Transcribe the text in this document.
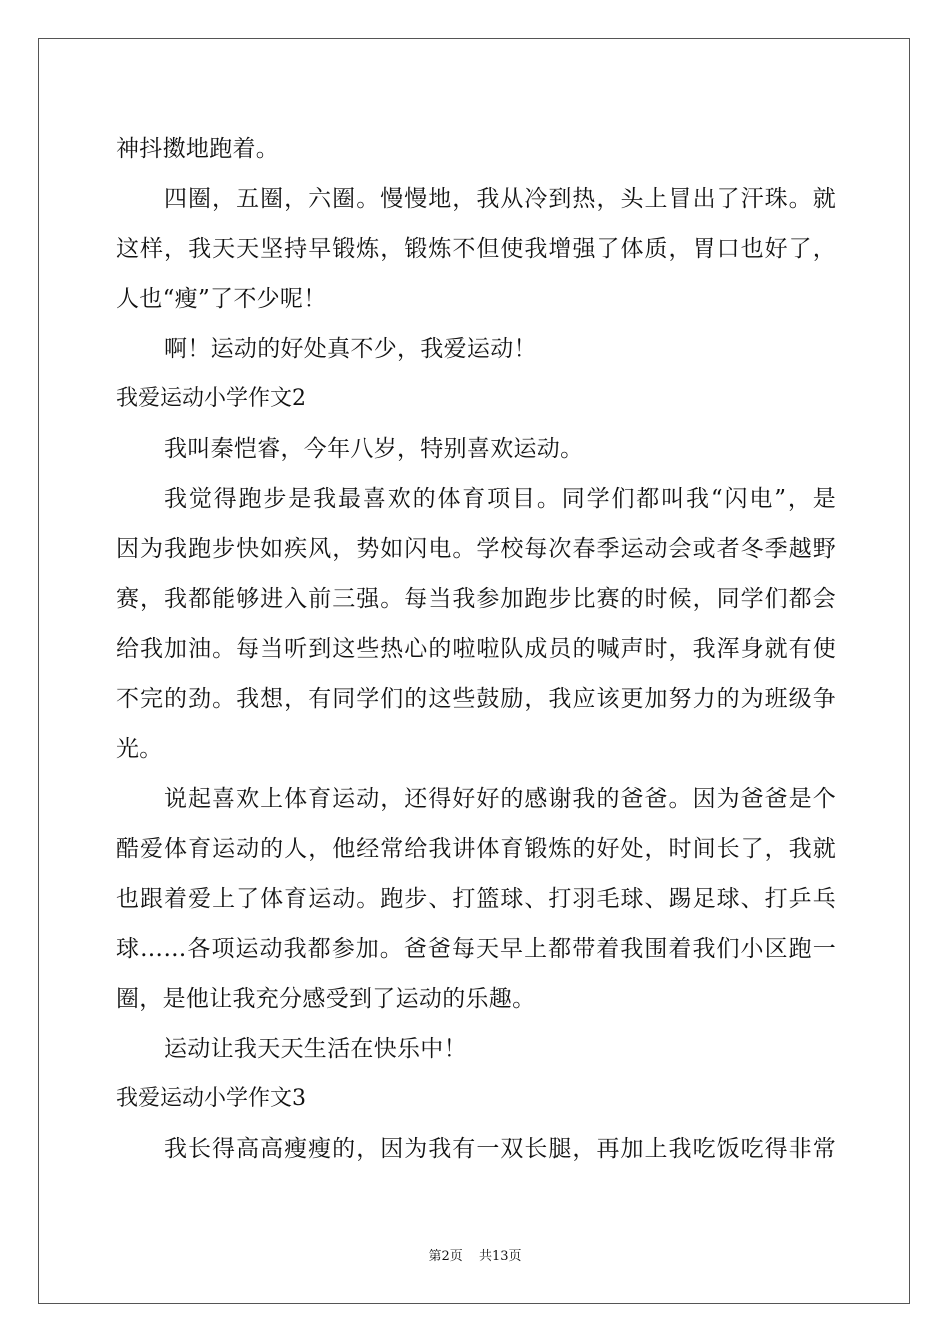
神抖擞地跑着。
四圈，五圈，六圈。慢慢地，我从冷到热，头上冒出了汗珠。就
这样，我天天坚持早锻炼，锻炼不但使我增强了体质，胃口也好了，
人也“瘦”了不少呢！
啊！运动的好处真不少，我爱运动！
我爱运动小学作文2
我叫秦恺睿，今年八岁，特别喜欢运动。
我觉得跑步是我最喜欢的体育项目。同学们都叫我“闪电”，是
因为我跑步快如疾风，势如闪电。学校每次春季运动会或者冬季越野
赛，我都能够进入前三强。每当我参加跑步比赛的时候，同学们都会
给我加油。每当听到这些热心的啦啦队成员的喊声时，我浑身就有使
不完的劲。我想，有同学们的这些鼓励，我应该更加努力的为班级争
光。
说起喜欢上体育运动，还得好好的感谢我的爸爸。因为爸爸是个
酷爱体育运动的人，他经常给我讲体育锻炼的好处，时间长了，我就
也跟着爱上了体育运动。跑步、打篮球、打羽毛球、踢足球、打乒乓
球……各项运动我都参加。爸爸每天早上都带着我围着我们小区跑一
圈，是他让我充分感受到了运动的乐趣。
运动让我天天生活在快乐中！
我爱运动小学作文3
我长得高高瘦瘦的，因为我有一双长腿，再加上我吃饭吃得非常
第2页 共13页
